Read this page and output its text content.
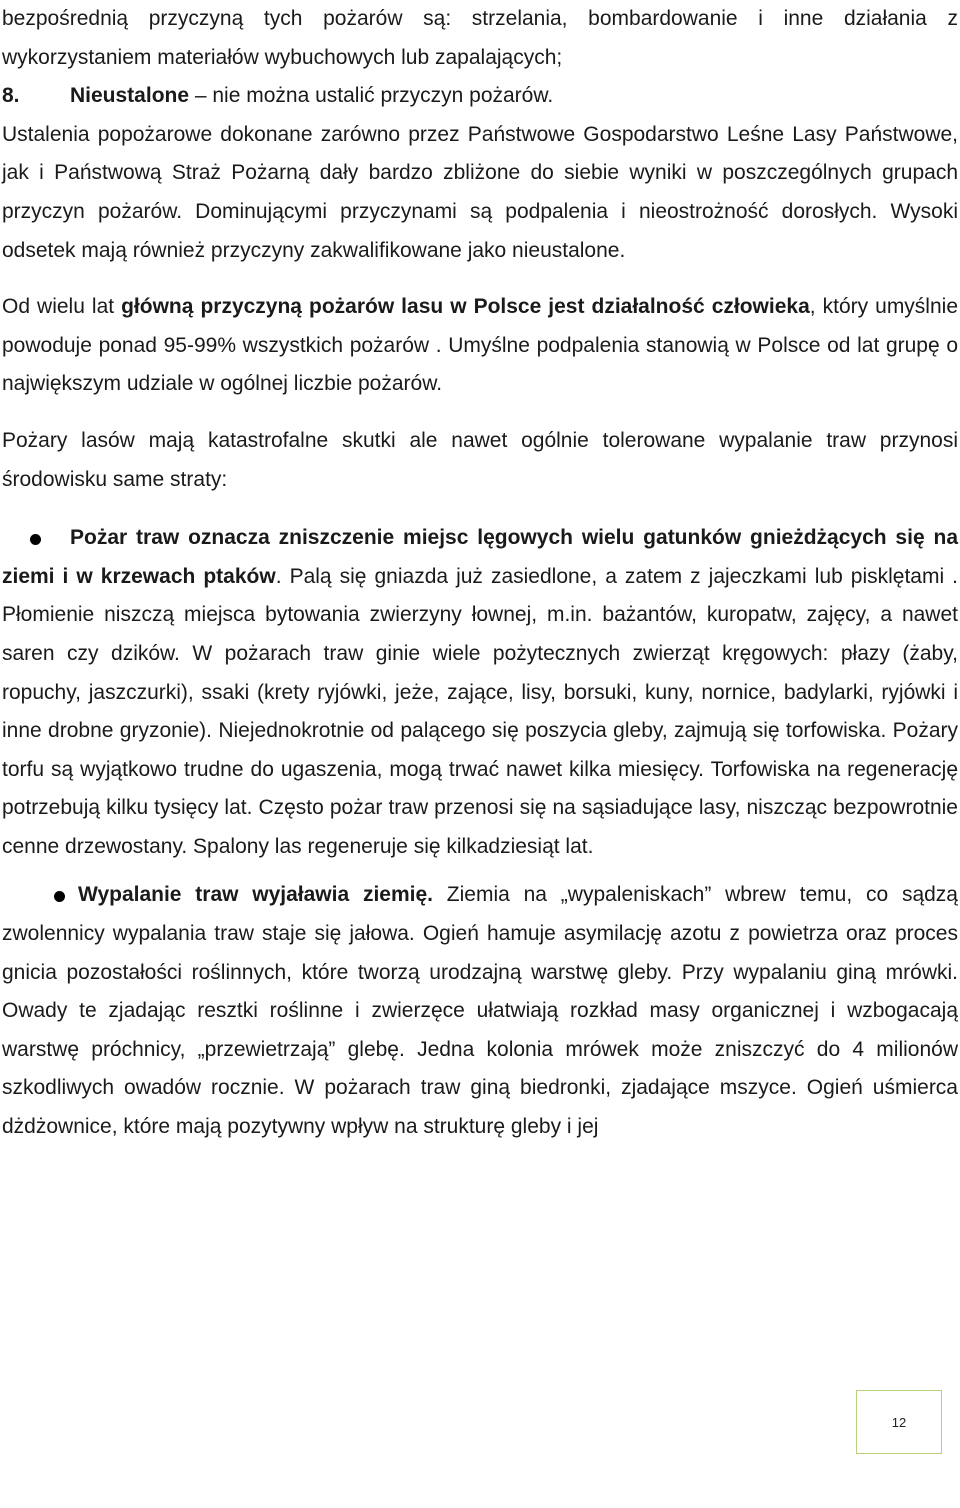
bezpośrednią przyczyną tych pożarów są: strzelania, bombardowanie i inne działania z wykorzystaniem materiałów wybuchowych lub zapalających;

8.	Nieustalone – nie można ustalić przyczyn pożarów.

Ustalenia popożarowe dokonane zarówno przez Państwowe Gospodarstwo Leśne Lasy Państwowe, jak i Państwową Straż Pożarną dały bardzo zbliżone do siebie wyniki w poszczególnych grupach przyczyn pożarów. Dominującymi przyczynami są podpalenia i nieostrożność dorosłych. Wysoki odsetek mają również przyczyny zakwalifikowane jako nieustalone.

Od wielu lat główną przyczyną pożarów lasu w Polsce jest działalność człowieka, który umyślnie powoduje ponad 95-99% wszystkich pożarów . Umyślne podpalenia stanowią w Polsce od lat grupę o największym udziale w ogólnej liczbie pożarów.

Pożary lasów mają katastrofalne skutki ale nawet ogólnie tolerowane wypalanie traw przynosi środowisku same straty:

Pożar traw oznacza zniszczenie miejsc lęgowych wielu gatunków gnieżdżących się na ziemi i w krzewach ptaków. Palą się gniazda już zasiedlone, a zatem z jajeczkami lub pisklętami . Płomienie niszczą miejsca bytowania zwierzyny łownej, m.in. bażantów, kuropatw, zajęcy, a nawet saren czy dzików. W pożarach traw ginie wiele pożytecznych zwierząt kręgowych: płazy (żaby, ropuchy, jaszczurki), ssaki (krety ryjówki, jeże, zające, lisy, borsuki, kuny, nornice, badylarki, ryjówki i inne drobne gryzonie). Niejednokrotnie od palącego się poszycia gleby, zajmują się torfowiska. Pożary torfu są wyjątkowo trudne do ugaszenia, mogą trwać nawet kilka miesięcy. Torfowiska na regenerację potrzebują kilku tysięcy lat. Często pożar traw przenosi się na sąsiadujące lasy, niszcząc bezpowrotnie cenne drzewostany. Spalony las regeneruje się kilkadziesiąt lat.

Wypalanie traw wyjaławia ziemię. Ziemia na „wypaleniskach” wbrew temu, co sądzą zwolennicy wypalania traw staje się jałowa. Ogień hamuje asymilację azotu z powietrza oraz proces gnicia pozostałości roślinnych, które tworzą urodzajną warstwę gleby. Przy wypalaniu giną mrówki. Owady te zjadając resztki roślinne i zwierzęce ułatwiają rozkład masy organicznej i wzbogacają warstwę próchnicy, „przewietrzają” glebę. Jedna kolonia mrówek może zniszczyć do 4 milionów szkodliwych owadów rocznie. W pożarach traw giną biedronki, zjadające mszyce. Ogień uśmierca dżdżownice, które mają pozytywny wpływ na strukturę gleby i jej

12
